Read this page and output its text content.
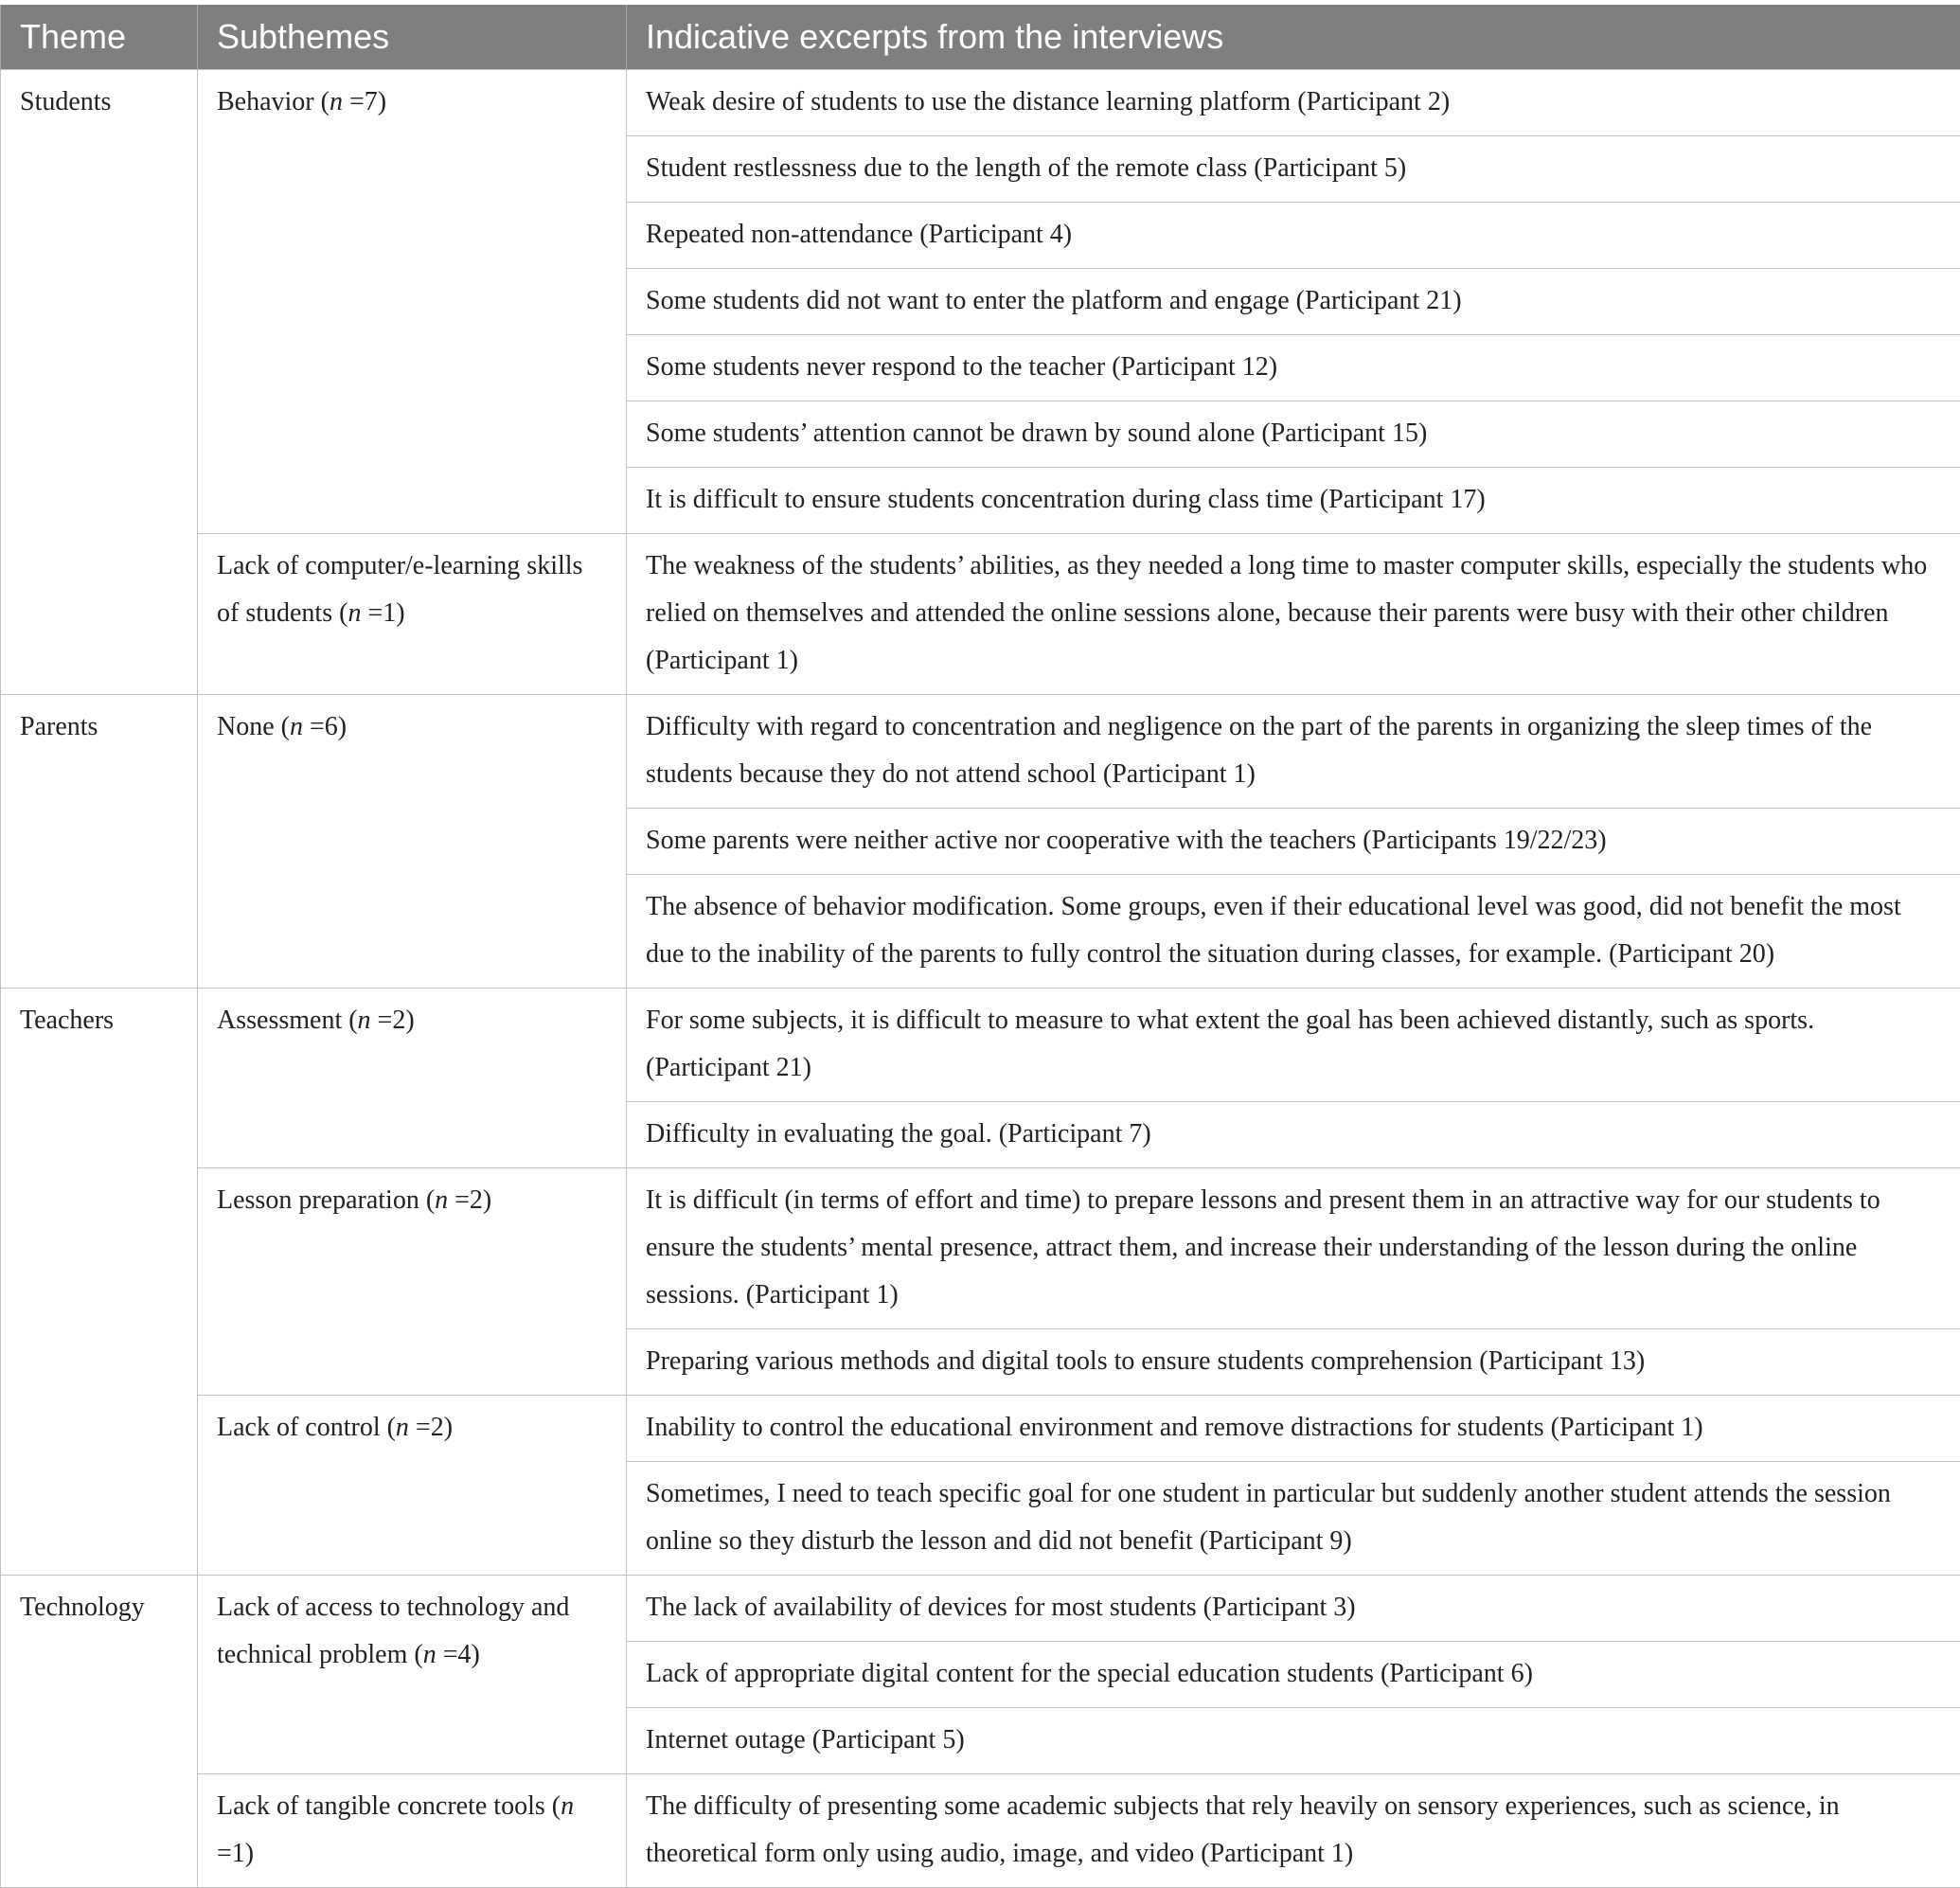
Theme	Subthemes	Indicative excerpts from the interviews
Students	Behavior (n =7)	Weak desire of students to use the distance learning platform (Participant 2)
		Student restlessness due to the length of the remote class (Participant 5)
		Repeated non-attendance (Participant 4)
		Some students did not want to enter the platform and engage (Participant 21)
		Some students never respond to the teacher (Participant 12)
		Some students’ attention cannot be drawn by sound alone (Participant 15)
		It is difficult to ensure students concentration during class time (Participant 17)
	Lack of computer/e-learning skills of students (n =1)	The weakness of the students’ abilities, as they needed a long time to master computer skills, especially the students who relied on themselves and attended the online sessions alone, because their parents were busy with their other children (Participant 1)
Parents	None (n =6)	Difficulty with regard to concentration and negligence on the part of the parents in organizing the sleep times of the students because they do not attend school (Participant 1)
		Some parents were neither active nor cooperative with the teachers (Participants 19/22/23)
		The absence of behavior modification. Some groups, even if their educational level was good, did not benefit the most due to the inability of the parents to fully control the situation during classes, for example. (Participant 20)
Teachers	Assessment (n =2)	For some subjects, it is difficult to measure to what extent the goal has been achieved distantly, such as sports. (Participant 21)
		Difficulty in evaluating the goal. (Participant 7)
	Lesson preparation (n =2)	It is difficult (in terms of effort and time) to prepare lessons and present them in an attractive way for our students to ensure the students’ mental presence, attract them, and increase their understanding of the lesson during the online sessions. (Participant 1)
		Preparing various methods and digital tools to ensure students comprehension (Participant 13)
	Lack of control (n =2)	Inability to control the educational environment and remove distractions for students (Participant 1)
		Sometimes, I need to teach specific goal for one student in particular but suddenly another student attends the session online so they disturb the lesson and did not benefit (Participant 9)
Technology	Lack of access to technology and technical problem (n =4)	The lack of availability of devices for most students (Participant 3)
		Lack of appropriate digital content for the special education students (Participant 6)
		Internet outage (Participant 5)
	Lack of tangible concrete tools (n =1)	The difficulty of presenting some academic subjects that rely heavily on sensory experiences, such as science, in theoretical form only using audio, image, and video (Participant 1)
